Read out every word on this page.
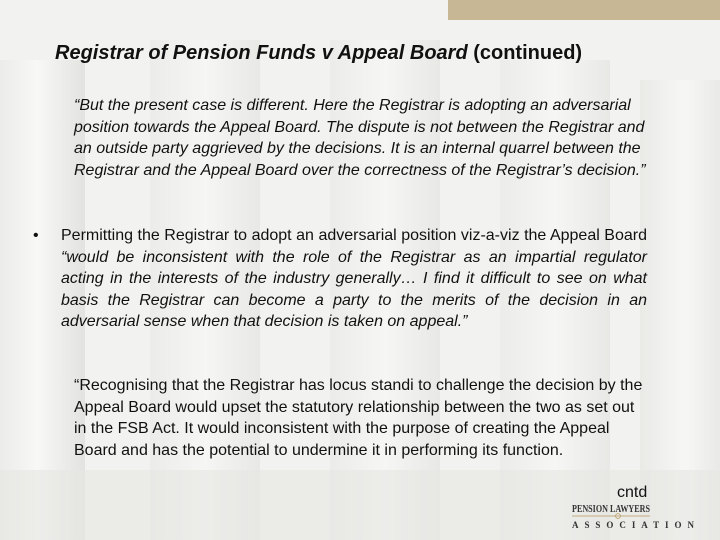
Registrar of Pension Funds v Appeal Board (continued)
“But the present case is different. Here the Registrar is adopting an adversarial position towards the Appeal Board. The dispute is not between the Registrar and an outside party aggrieved by the decisions. It is an internal quarrel between the Registrar and the Appeal Board over the correctness of the Registrar’s decision.”
• Permitting the Registrar to adopt an adversarial position viz-a-viz the Appeal Board “would be inconsistent with the role of the Registrar as an impartial regulator acting in the interests of the industry generally… I find it difficult to see on what basis the Registrar can become a party to the merits of the decision in an adversarial sense when that decision is taken on appeal.”
“Recognising that the Registrar has locus standi to challenge the decision by the Appeal Board would upset the statutory relationship between the two as set out in the FSB Act. It would inconsistent with the purpose of creating the Appeal Board and has the potential to undermine it in performing its function.
cntd
PENSION LAWYERS
ASSOCIATION
